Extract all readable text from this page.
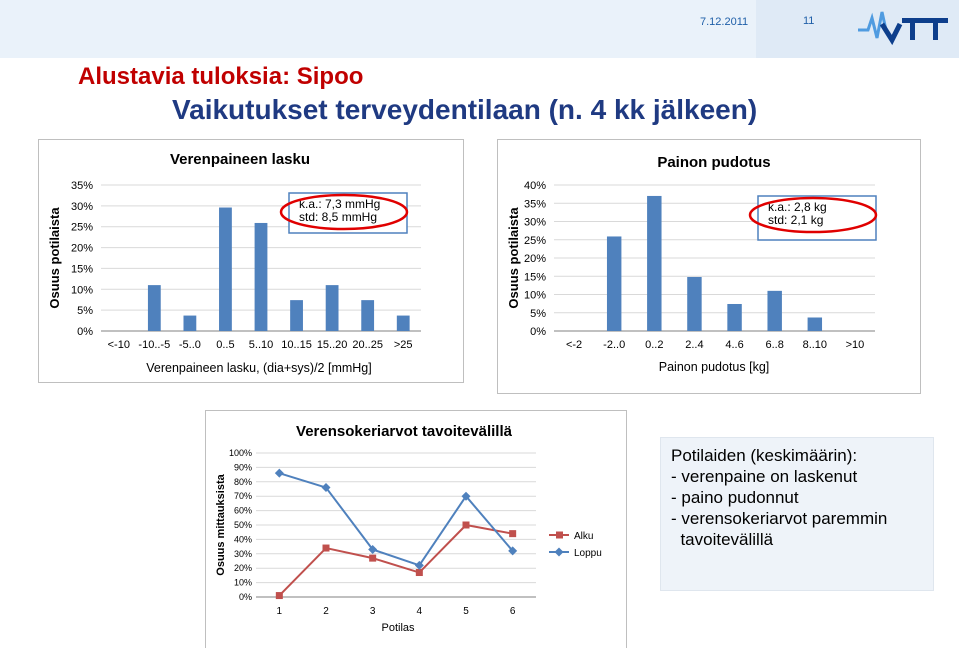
7.12.2011	11
Alustavia tuloksia: Sipoo
Vaikutukset terveydentilaan (n. 4 kk jälkeen)
Verenpaineen lasku
0%
5%
10%
15%
20%
25%
30%
35%
<-10 -10..-5 -5..0 0..5 5..10 10..15 15..20 20..25 >25
Osuus potilaista
Verenpaineen lasku, (dia+sys)/2 [mmHg]
k.a.: 7,3 mmHg
std: 8,5 mmHg
Painon pudotus
0%
5%
10%
15%
20%
25%
30%
35%
40%
<-2 -2..0 0..2 2..4 4..6 6..8 8..10 >10
Osuus potilaista
Painon pudotus [kg]
k.a.: 2,8 kg
std: 2,1 kg
Verensokeriarvot tavoitevälillä
0%
10%
20%
30%
40%
50%
60%
70%
80%
90%
100%
1	2	3	4	5	6
Alku
Loppu
Osuus mittauksista
Potilas
Potilaiden (keskimäärin):
- verenpaine on laskenut
- paino pudonnut
- verensokeriarvot paremmin
tavoitevälillä
